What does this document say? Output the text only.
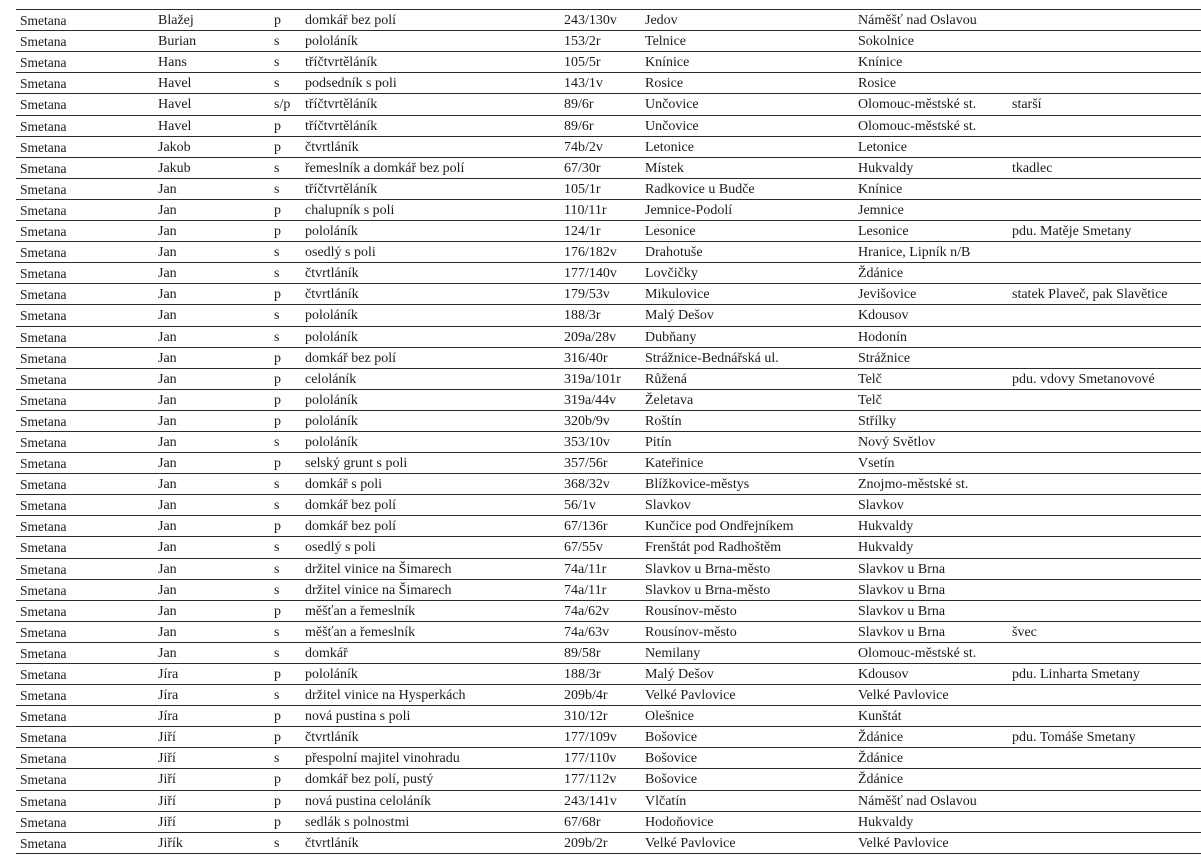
Smetana	Blažej	p domkář bez polí	243/130v Jedov	Náměšť nad Oslavou
Smetana	Burian	s pololáník	153/2r	Telnice	Sokolnice
Smetana	Hans	s tříčtvrtěláník	105/5r	Knínice	Knínice
Smetana	Havel	s podsedník s poli	143/1v	Rosice	Rosice
Smetana	Havel	s/p tříčtvrtěláník	89/6r	Unčovice	Olomouc-městské st.	starší
Smetana	Havel	p tříčtvrtěláník	89/6r	Unčovice	Olomouc-městské st.
Smetana	Jakob	p čtvrtláník	74b/2v	Letonice	Letonice
Smetana	Jakub	s řemeslník a domkář bez polí	67/30r	Místek	Hukvaldy	tkadlec
Smetana	Jan	s tříčtvrtěláník	105/1r	Radkovice u Budče	Knínice
Smetana	Jan	p chalupník s poli	110/11r	Jemnice-Podolí	Jemnice
Smetana	Jan	p pololáník	124/1r	Lesonice	Lesonice	pdu. Matěje Smetany
Smetana	Jan	s osedlý s poli	176/182v Drahotuše	Hranice, Lipník n/B
Smetana	Jan	s čtvrtláník	177/140v Lovčičky	Ždánice
Smetana	Jan	p čtvrtláník	179/53v	Mikulovice	Jevišovice	statek Plaveč, pak Slavětice
Smetana	Jan	s pololáník	188/3r	Malý Dešov	Kdousov
Smetana	Jan	s pololáník	209a/28v Dubňany	Hodonín
Smetana	Jan	p domkář bez polí	316/40r	Strážnice-Bednářská ul.	Strážnice
Smetana	Jan	p celoláník	319a/101r Růžená	Telč	pdu. vdovy Smetanovové
Smetana	Jan	p pololáník	319a/44v Želetava	Telč
Smetana	Jan	p pololáník	320b/9v	Roštín	Střílky
Smetana	Jan	s pololáník	353/10v	Pitín	Nový Světlov
Smetana	Jan	p selský grunt s poli	357/56r	Kateřinice	Vsetín
Smetana	Jan	s domkář s poli	368/32v	Blížkovice-městys	Znojmo-městské st.
Smetana	Jan	s domkář bez polí	56/1v	Slavkov	Slavkov
Smetana	Jan	p domkář bez polí	67/136r	Kunčice pod Ondřejníkem	Hukvaldy
Smetana	Jan	s osedlý s poli	67/55v	Frenštát pod Radhoštěm	Hukvaldy
Smetana	Jan	s držitel vinice na Šimarech	74a/11r	Slavkov u Brna-město	Slavkov u Brna
Smetana	Jan	s držitel vinice na Šimarech	74a/11r	Slavkov u Brna-město	Slavkov u Brna
Smetana	Jan	p měšťan a řemeslník	74a/62v	Rousínov-město	Slavkov u Brna
Smetana	Jan	s měšťan a řemeslník	74a/63v	Rousínov-město	Slavkov u Brna	švec
Smetana	Jan	s domkář	89/58r	Nemilany	Olomouc-městské st.
Smetana	Jíra	p pololáník	188/3r	Malý Dešov	Kdousov	pdu. Linharta Smetany
Smetana	Jíra	s držitel vinice na Hysperkách	209b/4r	Velké Pavlovice	Velké Pavlovice
Smetana	Jíra	p nová pustina s poli	310/12r	Olešnice	Kunštát
Smetana	Jiří	p čtvrtláník	177/109v Bošovice	Ždánice	pdu. Tomáše Smetany
Smetana	Jiří	s přespolní majitel vinohradu	177/110v Bošovice	Ždánice
Smetana	Jiří	p domkář bez polí, pustý	177/112v Bošovice	Ždánice
Smetana	Jiří	p nová pustina celoláník	243/141v Vlčatín	Náměšť nad Oslavou
Smetana	Jiří	p sedlák s polnostmi	67/68r	Hodoňovice	Hukvaldy
Smetana	Jiřík	s čtvrtláník	209b/2r	Velké Pavlovice	Velké Pavlovice
